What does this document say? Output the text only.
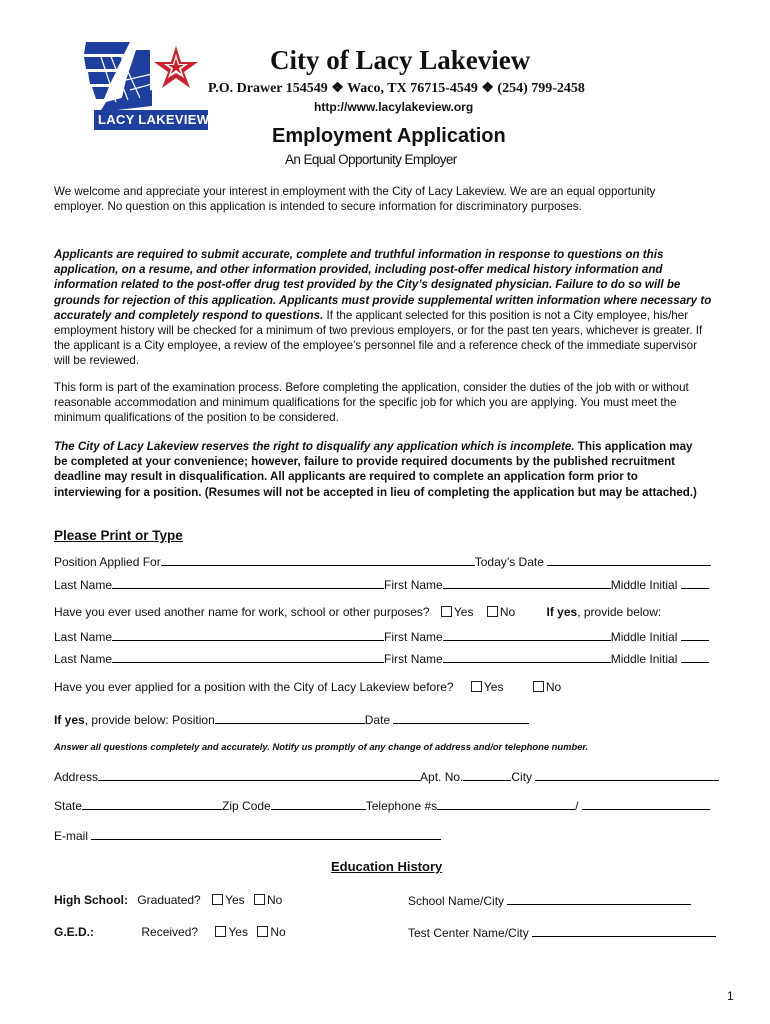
LACY LAKEVIEW
City of Lacy Lakeview
P.O. Drawer 154549 ❖ Waco, TX 76715-4549 ❖ (254) 799-2458
http://www.lacylakeview.org
Employment Application
An Equal Opportunity Employer
We welcome and appreciate your interest in employment with the City of Lacy Lakeview. We are an equal opportunity employer. No question on this application is intended to secure information for discriminatory purposes.
Applicants are required to submit accurate, complete and truthful information in response to questions on this application, on a resume, and other information provided, including post-offer medical history information and information related to the post-offer drug test provided by the City’s designated physician. Failure to do so will be grounds for rejection of this application. Applicants must provide supplemental written information where necessary to accurately and completely respond to questions. If the applicant selected for this position is not a City employee, his/her employment history will be checked for a minimum of two previous employers, or for the past ten years, whichever is greater. If the applicant is a City employee, a review of the employee’s personnel file and a reference check of the immediate supervisor will be reviewed.
This form is part of the examination process. Before completing the application, consider the duties of the job with or without reasonable accommodation and minimum qualifications for the specific job for which you are applying. You must meet the minimum qualifications of the position to be considered.
The City of Lacy Lakeview reserves the right to disqualify any application which is incomplete. This application may be completed at your convenience; however, failure to provide required documents by the published recruitment deadline may result in disqualification. All applicants are required to complete an application form prior to interviewing for a position. (Resumes will not be accepted in lieu of completing the application but may be attached.)
Please Print or Type
Position Applied For	Today’s Date
Last Name	First Name	Middle Initial
Have you ever used another name for work, school or other purposes? Yes No	If yes, provide below:
Last Name	First Name	Middle Initial
Last Name	First Name	Middle Initial
Have you ever applied for a position with the City of Lacy Lakeview before?	Yes	No
If yes, provide below: Position	Date
Answer all questions completely and accurately. Notify us promptly of any change of address and/or telephone number.
Address	Apt. No.	City
State	Zip Code	Telephone #s	/
E-mail
Education History
High School: Graduated? Yes No	School Name/City
G.E.D.:	Received?	Yes No	Test Center Name/City
1
